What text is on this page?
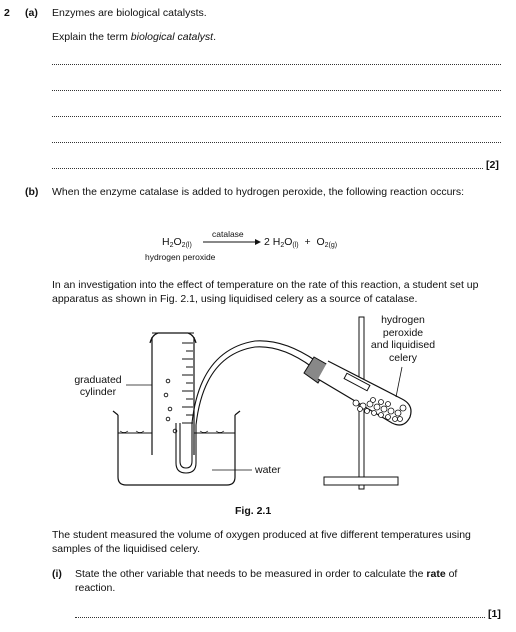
2 (a) Enzymes are biological catalysts.
Explain the term biological catalyst.
[2]
(b) When the enzyme catalase is added to hydrogen peroxide, the following reaction occurs:
$H_2O_{2(l)}$
hydrogen peroxide
catalase
2 $H_2O_{(l)} + O_{2(g)}$
In an investigation into the effect of temperature on the rate of this reaction, a student set up
apparatus as shown in Fig. 2.1, using liquidised celery as a source of catalase.
graduated
cylinder
hydrogen
peroxide
and liquidised
celery
water
Fig. 2.1
The student measured the volume of oxygen produced at five different temperatures using
samples of the liquidised celery.
(i) State the other variable that needs to be measured in order to calculate the rate of
reaction.
[1]
